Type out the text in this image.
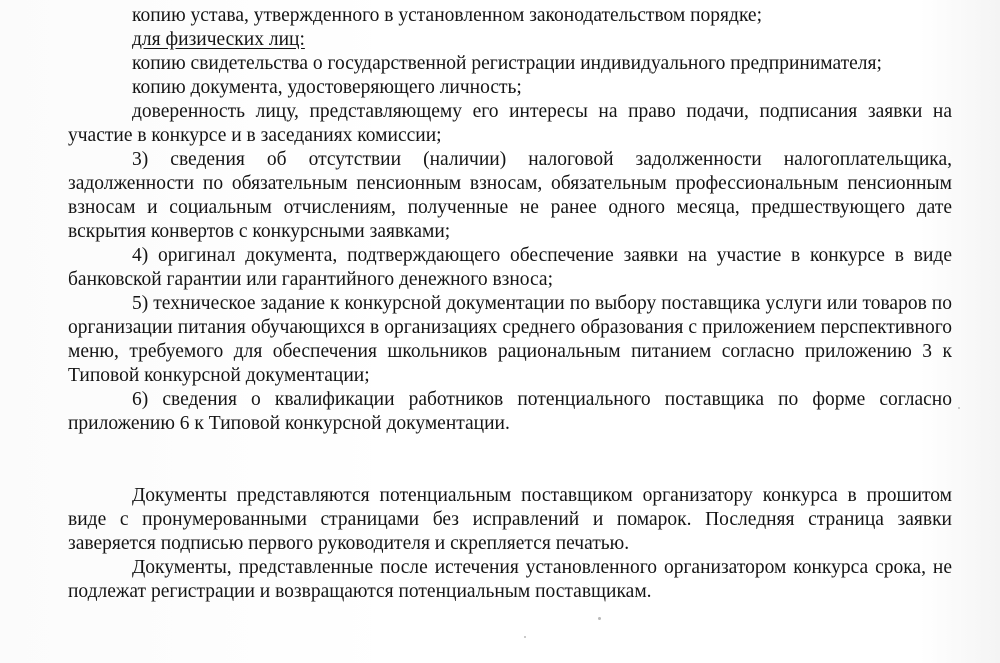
копию устава, утвержденного в установленном законодательством порядке;

для физических лиц:

копию свидетельства о государственной регистрации индивидуального предпринимателя;

копию документа, удостоверяющего личность;

доверенность лицу, представляющему его интересы на право подачи, подписания заявки на участие в конкурсе и в заседаниях комиссии;

3) сведения об отсутствии (наличии) налоговой задолженности налогоплательщика, задолженности по обязательным пенсионным взносам, обязательным профессиональным пенсионным взносам и социальным отчислениям, полученные не ранее одного месяца, предшествующего дате вскрытия конвертов с конкурсными заявками;

4) оригинал документа, подтверждающего обеспечение заявки на участие в конкурсе в виде банковской гарантии или гарантийного денежного взноса;

5) техническое задание к конкурсной документации по выбору поставщика услуги или товаров по организации питания обучающихся в организациях среднего образования с приложением перспективного меню, требуемого для обеспечения школьников рациональным питанием согласно приложению 3 к Типовой конкурсной документации;

6) сведения о квалификации работников потенциального поставщика по форме согласно приложению 6 к Типовой конкурсной документации.

Документы представляются потенциальным поставщиком организатору конкурса в прошитом виде с пронумерованными страницами без исправлений и помарок. Последняя страница заявки заверяется подписью первого руководителя и скрепляется печатью.

Документы, представленные после истечения установленного организатором конкурса срока, не подлежат регистрации и возвращаются потенциальным поставщикам.
